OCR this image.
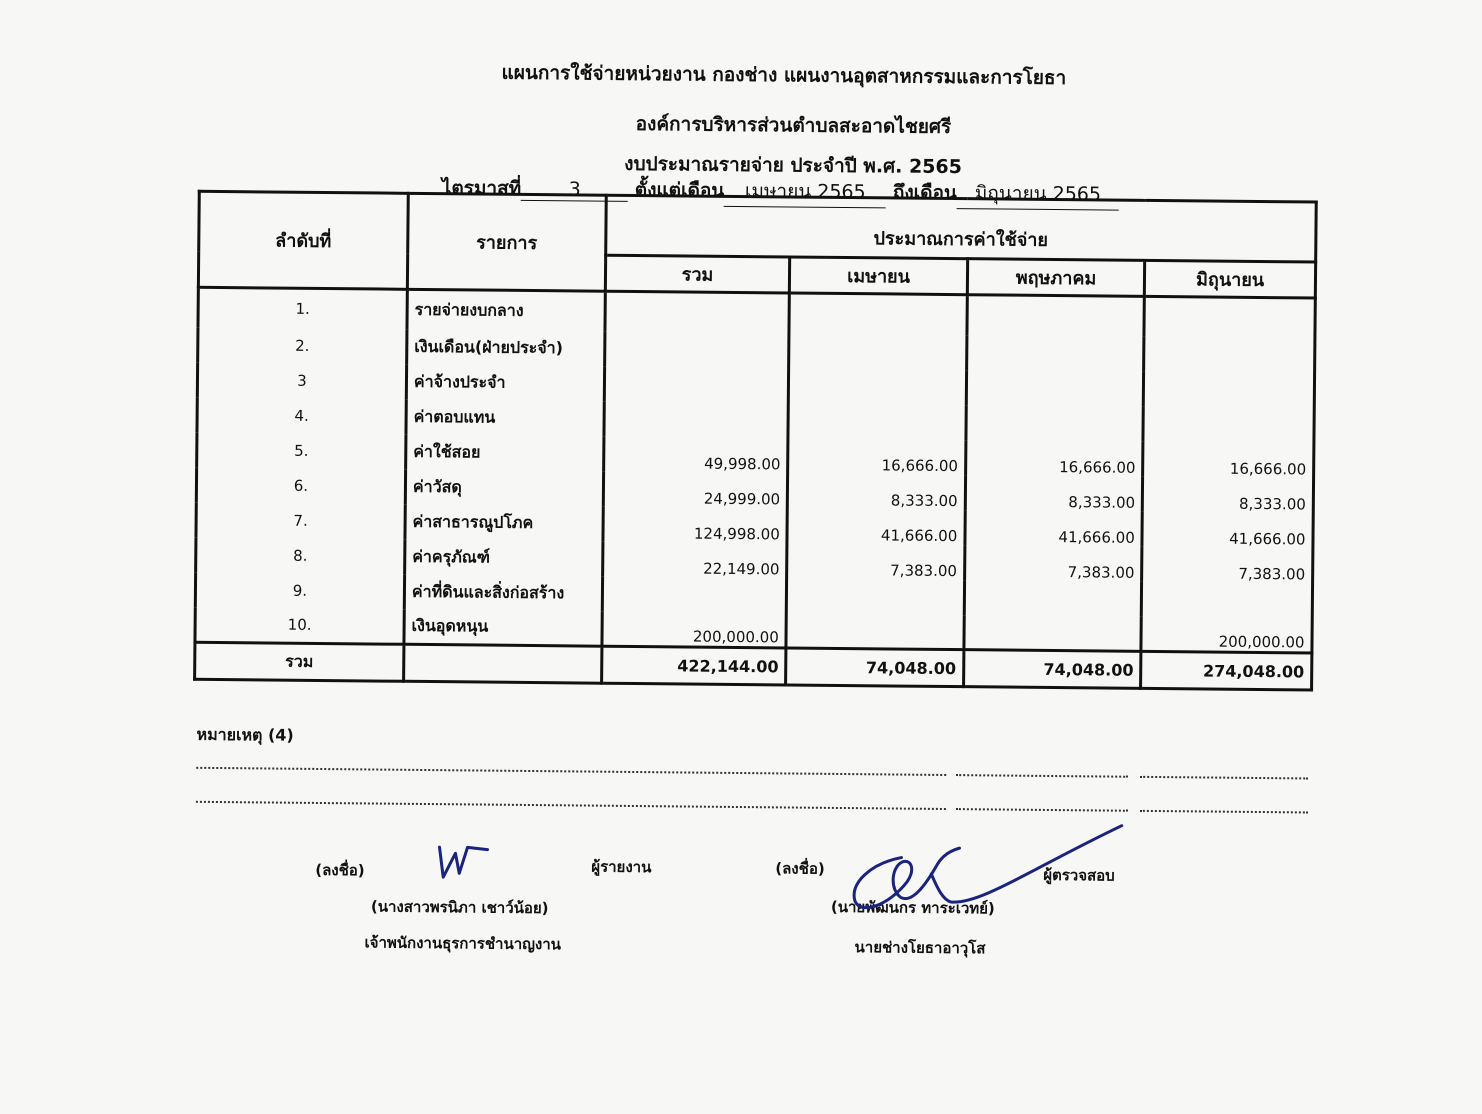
แผนการใช้จ่ายหน่วยงาน กองช่าง แผนงานอุตสาหกรรมและการโยธา
องค์การบริหารส่วนตำบลสะอาดไชยศรี
งบประมาณรายจ่าย ประจำปี พ.ศ. 2565
ไตรมาสที่ 3	ตั้งแต่เดือน เมษายน 2565 ถึงเดือน มิถุนายน 2565
ลำดับที่	รายการ	ประมาณการค่าใช้จ่าย			
		รวม	เมษายน	พฤษภาคม	มิถุนายน
1.	รายจ่ายงบกลาง				
2.	เงินเดือน(ฝ่ายประจำ)				
3	ค่าจ้างประจำ				
4.	ค่าตอบแทน				
5.	ค่าใช้สอย	49,998.00	16,666.00	16,666.00	16,666.00
6.	ค่าวัสดุ	24,999.00	8,333.00	8,333.00	8,333.00
7.	ค่าสาธารณูปโภค	124,998.00	41,666.00	41,666.00	41,666.00
8.	ค่าครุภัณฑ์	22,149.00	7,383.00	7,383.00	7,383.00
9.	ค่าที่ดินและสิ่งก่อสร้าง				
10.	เงินอุดหนุน	200,000.00			200,000.00
รวม		422,144.00	74,048.00	74,048.00	274,048.00
หมายเหตุ (4)
(ลงชื่อ)	ผู้รายงาน
(นางสาวพรนิภา เชาว์น้อย)
เจ้าพนักงานธุรการชำนาญงาน
(ลงชื่อ)	ผู้ตรวจสอบ
(นายพัฒนกร ทาระเวทย์)
นายช่างโยธาอาวุโส
